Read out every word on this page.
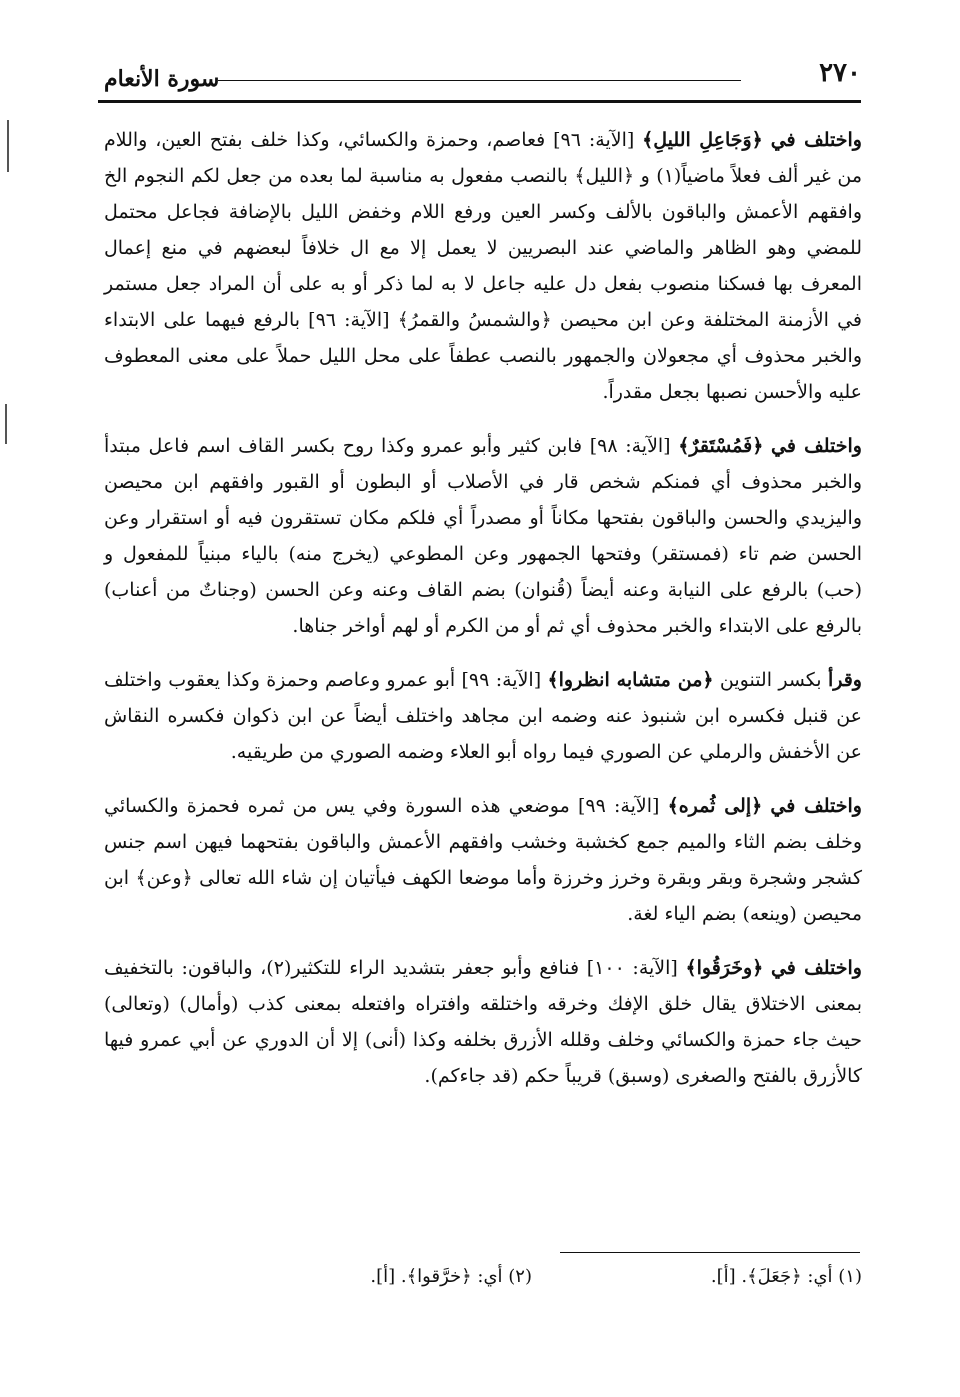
٢٧٠
سورة الأنعام

واختلف في ﴿وَجَاعِلِ الليلِ﴾ [الآية: ٩٦] فعاصم، وحمزة والكسائي، وكذا خلف بفتح العين، واللام من غير ألف فعلاً ماضياً(١) و ﴿الليل﴾ بالنصب مفعول به مناسبة لما بعده من جعل لكم النجوم الخ وافقهم الأعمش والباقون بالألف وكسر العين ورفع اللام وخفض الليل بالإضافة فجاعل محتمل للمضي وهو الظاهر والماضي عند البصريين لا يعمل إلا مع ال خلافاً لبعضهم في منع إعمال المعرف بها فسكنا منصوب بفعل دل عليه جاعل لا به لما ذكر أو به على أن المراد جعل مستمر في الأزمنة المختلفة وعن ابن محيصن ﴿والشمسُ والقمرُ﴾ [الآية: ٩٦] بالرفع فيهما على الابتداء والخبر محذوف أي مجعولان والجمهور بالنصب عطفاً على محل الليل حملاً على معنى المعطوف عليه والأحسن نصبها بجعل مقدراً.

واختلف في ﴿فَمُسْتَقرٌ﴾ [الآية: ٩٨] فابن كثير وأبو عمرو وكذا روح بكسر القاف اسم فاعل مبتدأ والخبر محذوف أي فمنكم شخص قار في الأصلاب أو البطون أو القبور وافقهم ابن محيصن واليزيدي والحسن والباقون بفتحها مكاناً أو مصدراً أي فلكم مكان تستقرون فيه أو استقرار وعن الحسن ضم تاء (فمستقر) وفتحها الجمهور وعن المطوعي (يخرج منه) بالياء مبنياً للمفعول و (حب) بالرفع على النيابة وعنه أيضاً (قُنوان) بضم القاف وعنه وعن الحسن (وجناتٌ من أعناب) بالرفع على الابتداء والخبر محذوف أي ثم أو من الكرم أو لهم أواخر جناها.

وقرأ بكسر التنوين ﴿من متشابه انظروا﴾ [الآية: ٩٩] أبو عمرو وعاصم وحمزة وكذا يعقوب واختلف عن قنبل فكسره ابن شنبوذ عنه وضمه ابن مجاهد واختلف أيضاً عن ابن ذكوان فكسره النقاش عن الأخفش والرملي عن الصوري فيما رواه أبو العلاء وضمه الصوري من طريقيه.

واختلف في ﴿إلى ثُمره﴾ [الآية: ٩٩] موضعي هذه السورة وفي يس من ثمره فحمزة والكسائي وخلف بضم الثاء والميم جمع كخشبة وخشب وافقهم الأعمش والباقون بفتحهما فيهن اسم جنس كشجر وشجرة وبقر وبقرة وخرز وخرزة وأما موضعا الكهف فيأتيان إن شاء الله تعالى ﴿وعن﴾ ابن محيصن (وينعه) بضم الياء لغة.

واختلف في ﴿وخَرَقُوا﴾ [الآية: ١٠٠] فنافع وأبو جعفر بتشديد الراء للتكثير(٢)، والباقون: بالتخفيف بمعنى الاختلاق يقال خلق الإفك وخرقه واختلقه وافتراه وافتعله بمعنى كذب (وأمال) (وتعالى) حيث جاء حمزة والكسائي وخلف وقلله الأزرق بخلفه وكذا (أنى) إلا أن الدوري عن أبي عمرو فيها كالأزرق بالفتح والصغرى (وسبق) قريباً حكم (قد جاءكم).

(١) أي: ﴿جَعَلَ﴾. [أ].
(٢) أي: ﴿خرَّقوا﴾. [أ].
